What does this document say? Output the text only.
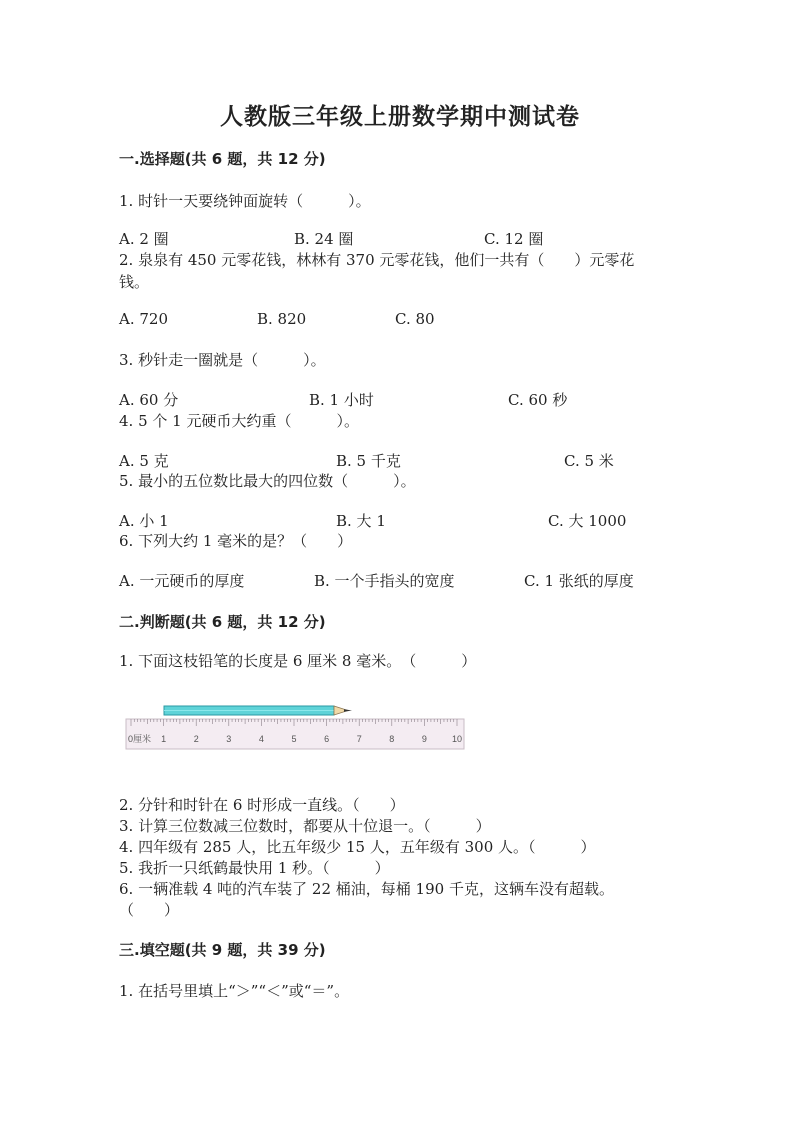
人教版三年级上册数学期中测试卷
一.选择题(共 6 题，共 12 分)
1. 时针一天要绕钟面旋转（　　　）。
A. 2 圈	B. 24 圈	C. 12 圈
2. 泉泉有 450 元零花钱，林林有 370 元零花钱，他们一共有（　　）元零花
钱。
A. 720	B. 820	C. 80
3. 秒针走一圈就是（　　　）。
A. 60 分	B. 1 小时	C. 60 秒
4. 5 个 1 元硬币大约重（　　　）。
A. 5 克	B. 5 千克	C. 5 米
5. 最小的五位数比最大的四位数（　　　）。
A. 小 1	B. 大 1	C. 大 1000
6. 下列大约 1 毫米的是？（　　）
A. 一元硬币的厚度	B. 一个手指头的宽度	C. 1 张纸的厚度
二.判断题(共 6 题，共 12 分)
1. 下面这枝铅笔的长度是 6 厘米 8 毫米。　（　　　）
0厘米 1	2	3	4	5	6	7	8	9	10
2. 分针和时针在 6 时形成一直线。（　　）
3. 计算三位数减三位数时，都要从十位退一。（　　　）
4. 四年级有 285 人，比五年级少 15 人，五年级有 300 人。（　　　）
5. 我折一只纸鹤最快用 1 秒。（　　　）
6. 一辆准载 4 吨的汽车装了 22 桶油，每桶 190 千克，这辆车没有超载。
（　　）
三.填空题(共 9 题，共 39 分)
1. 在括号里填上“＞”“＜”或“＝”。
